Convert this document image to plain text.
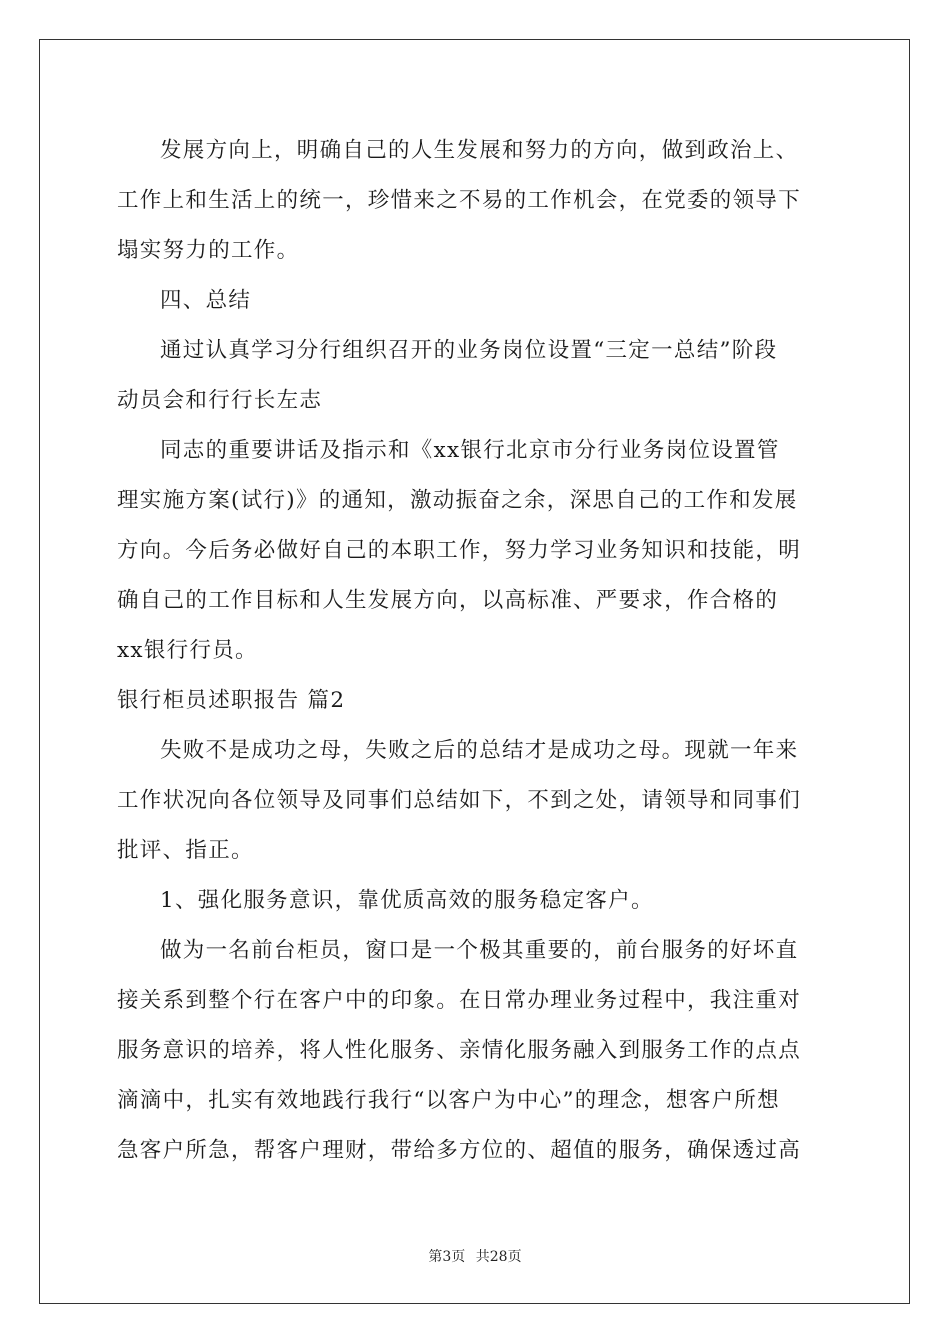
发展方向上，明确自己的人生发展和努力的方向，做到政治上、

工作上和生活上的统一，珍惜来之不易的工作机会，在党委的领导下

塌实努力的工作。

四、总结

通过认真学习分行组织召开的业务岗位设置“三定一总结”阶段

动员会和行行长左志

同志的重要讲话及指示和《xx银行北京市分行业务岗位设置管

理实施方案(试行)》的通知，激动振奋之余，深思自己的工作和发展

方向。今后务必做好自己的本职工作，努力学习业务知识和技能，明

确自己的工作目标和人生发展方向，以高标准、严要求，作合格的

xx银行行员。

银行柜员述职报告 篇2

失败不是成功之母，失败之后的总结才是成功之母。现就一年来

工作状况向各位领导及同事们总结如下，不到之处，请领导和同事们

批评、指正。

1、强化服务意识，靠优质高效的服务稳定客户。

做为一名前台柜员，窗口是一个极其重要的，前台服务的好坏直

接关系到整个行在客户中的印象。在日常办理业务过程中，我注重对

服务意识的培养，将人性化服务、亲情化服务融入到服务工作的点点

滴滴中，扎实有效地践行我行“以客户为中心”的理念，想客户所想

急客户所急，帮客户理财，带给多方位的、超值的服务，确保透过高

第3页 共28页
